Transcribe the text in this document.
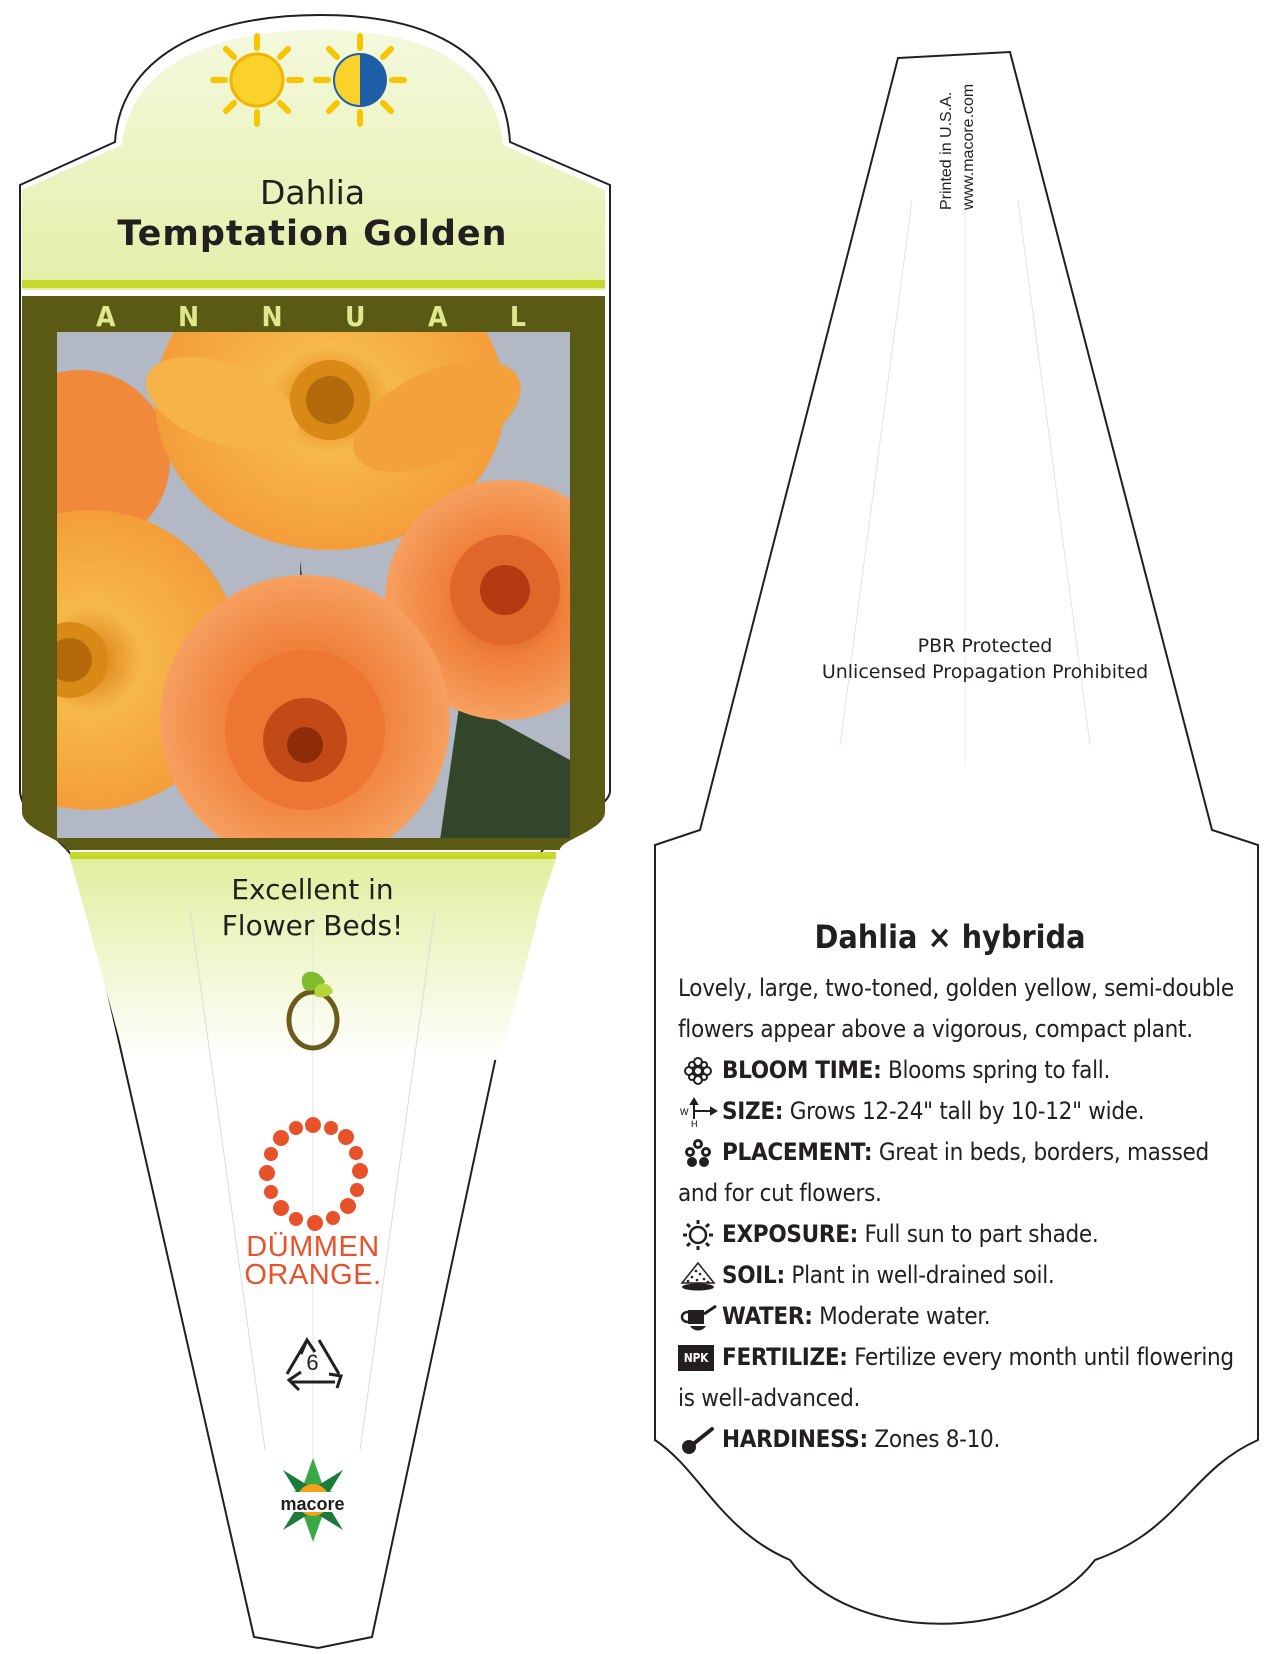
Dahlia
Temptation Golden
A N N U A L
Excellent in
Flower Beds!
DÜMMEN
ORANGE.
6
macore
Printed in U.S.A. www.macore.com
PBR Protected
Unlicensed Propagation Prohibited
Dahlia × hybrida
Lovely, large, two-toned, golden yellow, semi-double flowers appear above a vigorous, compact plant.
BLOOM TIME: Blooms spring to fall.
W
H SIZE: Grows 12-24" tall by 10-12" wide.
PLACEMENT: Great in beds, borders, massed and for cut flowers.
EXPOSURE: Full sun to part shade.
SOIL: Plant in well-drained soil.
WATER: Moderate water.
NPK FERTILIZE: Fertilize every month until flowering is well-advanced.
HARDINESS: Zones 8-10.
